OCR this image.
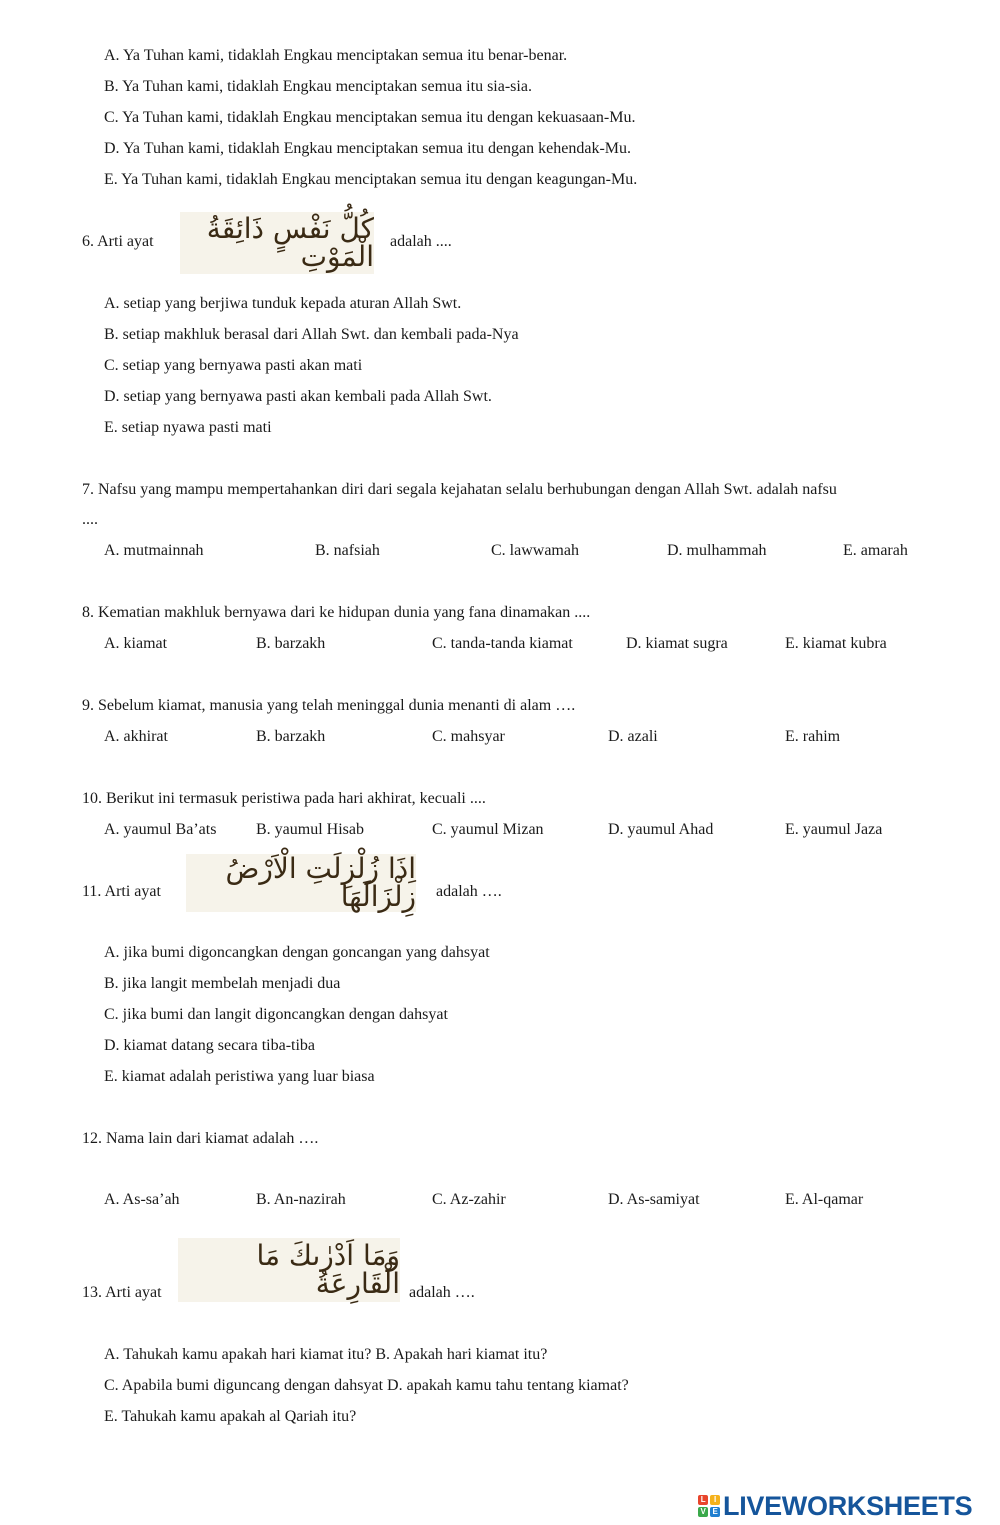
A. Ya Tuhan kami, tidaklah Engkau menciptakan semua itu benar-benar.
B. Ya Tuhan kami, tidaklah Engkau menciptakan semua itu sia-sia.
C. Ya Tuhan kami, tidaklah Engkau menciptakan semua itu dengan kekuasaan-Mu.
D. Ya Tuhan kami, tidaklah Engkau menciptakan semua itu dengan kehendak-Mu.
E. Ya Tuhan kami, tidaklah Engkau menciptakan semua itu dengan keagungan-Mu.
6. Arti ayat	كُلُّ نَفْسٍ ذَائِقَةُ الْمَوْتِ adalah ....
A. setiap yang berjiwa tunduk kepada aturan Allah Swt.
B. setiap makhluk berasal dari Allah Swt. dan kembali pada-Nya
C. setiap yang bernyawa pasti akan mati
D. setiap yang bernyawa pasti akan kembali pada Allah Swt.
E. setiap nyawa pasti mati
7. Nafsu yang mampu mempertahankan diri dari segala kejahatan selalu berhubungan dengan Allah Swt. adalah nafsu
....
A. mutmainnah	B. nafsiah	C. lawwamah	D. mulhammah	E. amarah
8. Kematian makhluk bernyawa dari ke hidupan dunia yang fana dinamakan ....
A. kiamat	B. barzakh	C. tanda-tanda kiamat	D. kiamat sugra	E. kiamat kubra
9. Sebelum kiamat, manusia yang telah meninggal dunia menanti di alam ….
A. akhirat	B. barzakh	C. mahsyar	D. azali	E. rahim
10. Berikut ini termasuk peristiwa pada hari akhirat, kecuali ....
A. yaumul Ba’ats B. yaumul Hisab	C. yaumul Mizan	D. yaumul Ahad	E. yaumul Jaza
11. Arti ayat
اِذَا زُلْزِلَتِ الْاَرْضُ زِلْزَالَهَا adalah ….
A. jika bumi digoncangkan dengan goncangan yang dahsyat
B. jika langit membelah menjadi dua
C. jika bumi dan langit digoncangkan dengan dahsyat
D. kiamat datang secara tiba-tiba
E. kiamat adalah peristiwa yang luar biasa
12. Nama lain dari kiamat adalah ….
A. As-sa’ah	B. An-nazirah	C. Az-zahir	D. As-samiyat	E. Al-qamar
13. Arti ayat
وَمَا اَدْرٰىكَ مَا الْقَارِعَةُ adalah ….
A. Tahukah kamu apakah hari kiamat itu? B. Apakah hari kiamat itu?
C. Apabila bumi diguncang dengan dahsyat D. apakah kamu tahu tentang kiamat?
E. Tahukah kamu apakah al Qariah itu?
L	I
V E LIVEWORKSHEETS
